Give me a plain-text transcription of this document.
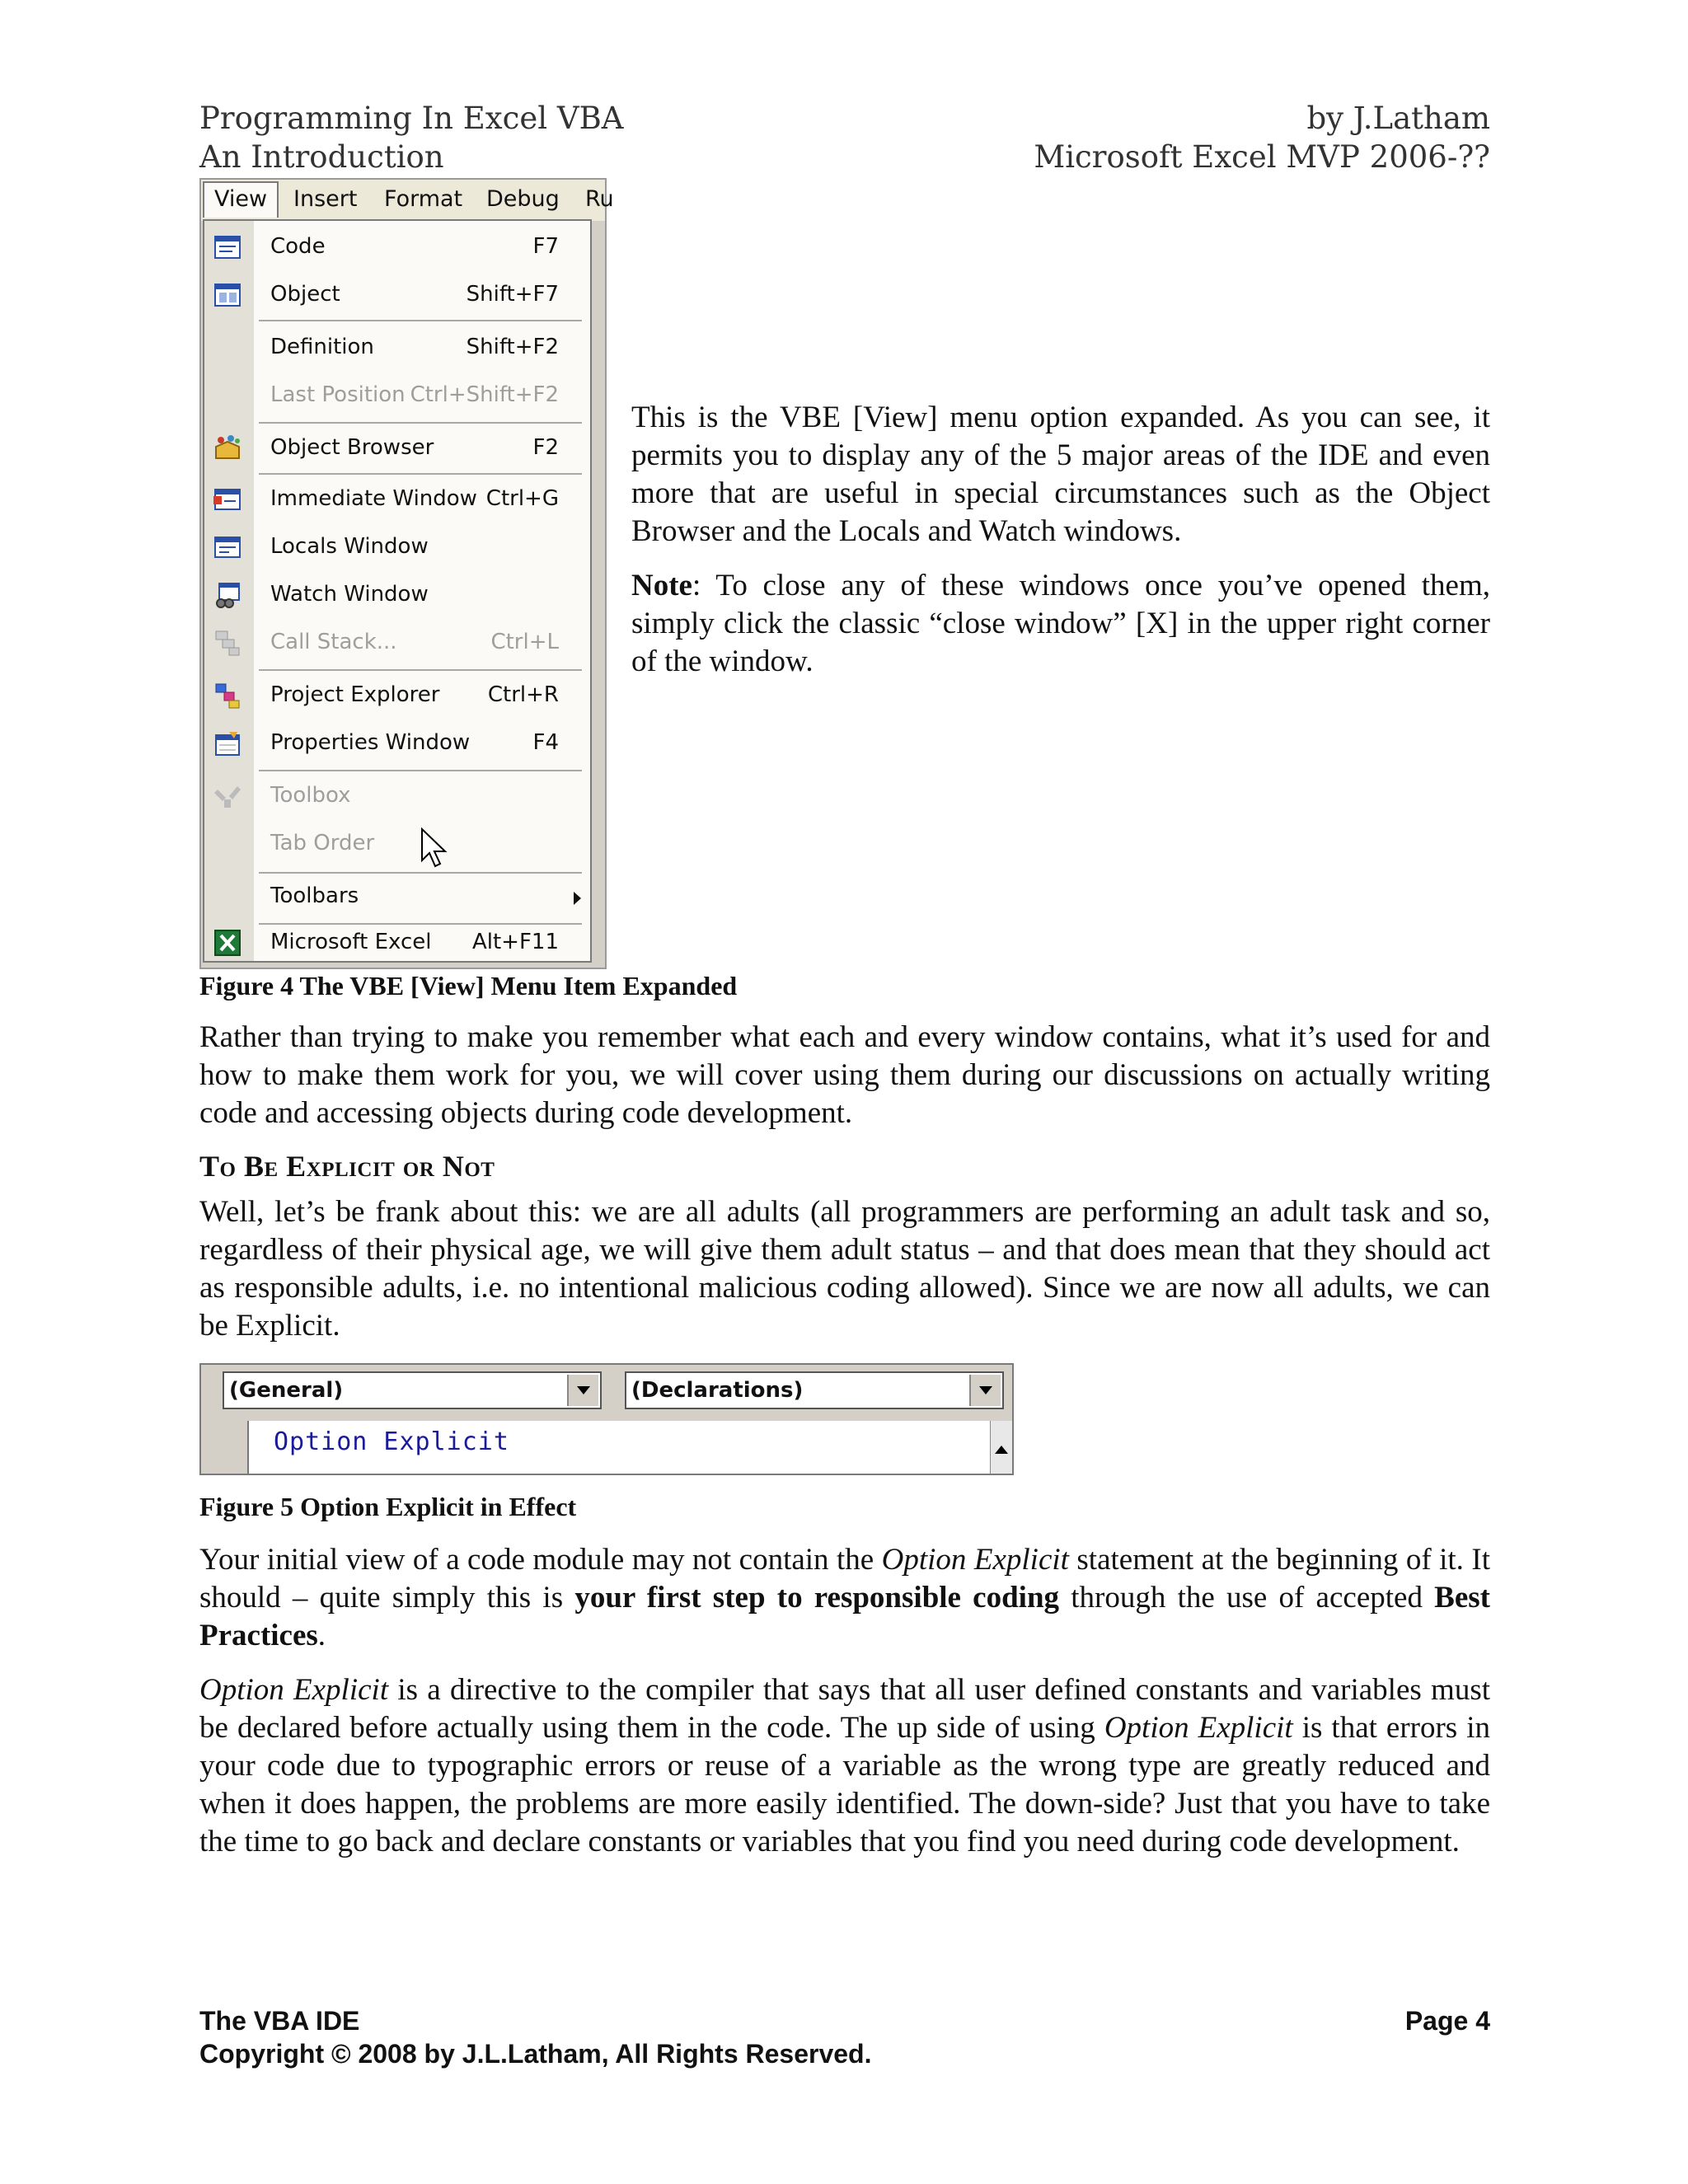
Programming In Excel VBA
An Introduction
by J.Latham
Microsoft Excel MVP 2006-??
View	Insert Format Debug Ru
Code	F7
Object	Shift+F7
Definition	Shift+F2
Last Position Ctrl+Shift+F2
Object Browser	F2
Immediate Window Ctrl+G
Locals Window
Watch Window
Call Stack...	Ctrl+L
Project Explorer	Ctrl+R
Properties Window	F4
Toolbox
Tab Order
Toolbars
Microsoft Excel	Alt+F11
This is the VBE [View] menu option expanded. As you can see, it permits you to display any of the 5 major areas of the IDE and even more that are useful in special circumstances such as the Object Browser and the Locals and Watch windows.
Note: To close any of these windows once you’ve opened them, simply click the classic “close window” [X] in the upper right corner of the window.
Figure 4 The VBE [View] Menu Item Expanded
Rather than trying to make you remember what each and every window contains, what it’s used for and how to make them work for you, we will cover using them during our discussions on actually writing code and accessing objects during code development.
To Be Explicit or Not
Well, let’s be frank about this: we are all adults (all programmers are performing an adult task and so, regardless of their physical age, we will give them adult status – and that does mean that they should act as responsible adults, i.e. no intentional malicious coding allowed). Since we are now all adults, we can be Explicit.
(General)	(Declarations)
Option Explicit
Figure 5 Option Explicit in Effect
Your initial view of a code module may not contain the Option Explicit statement at the beginning of it. It should – quite simply this is your first step to responsible coding through the use of accepted Best Practices.
Option Explicit is a directive to the compiler that says that all user defined constants and variables must be declared before actually using them in the code. The up side of using Option Explicit is that errors in your code due to typographic errors or reuse of a variable as the wrong type are greatly reduced and when it does happen, the problems are more easily identified. The down-side? Just that you have to take the time to go back and declare constants or variables that you find you need during code development.
The VBA IDE
Copyright © 2008 by J.L.Latham, All Rights Reserved.
Page 4
